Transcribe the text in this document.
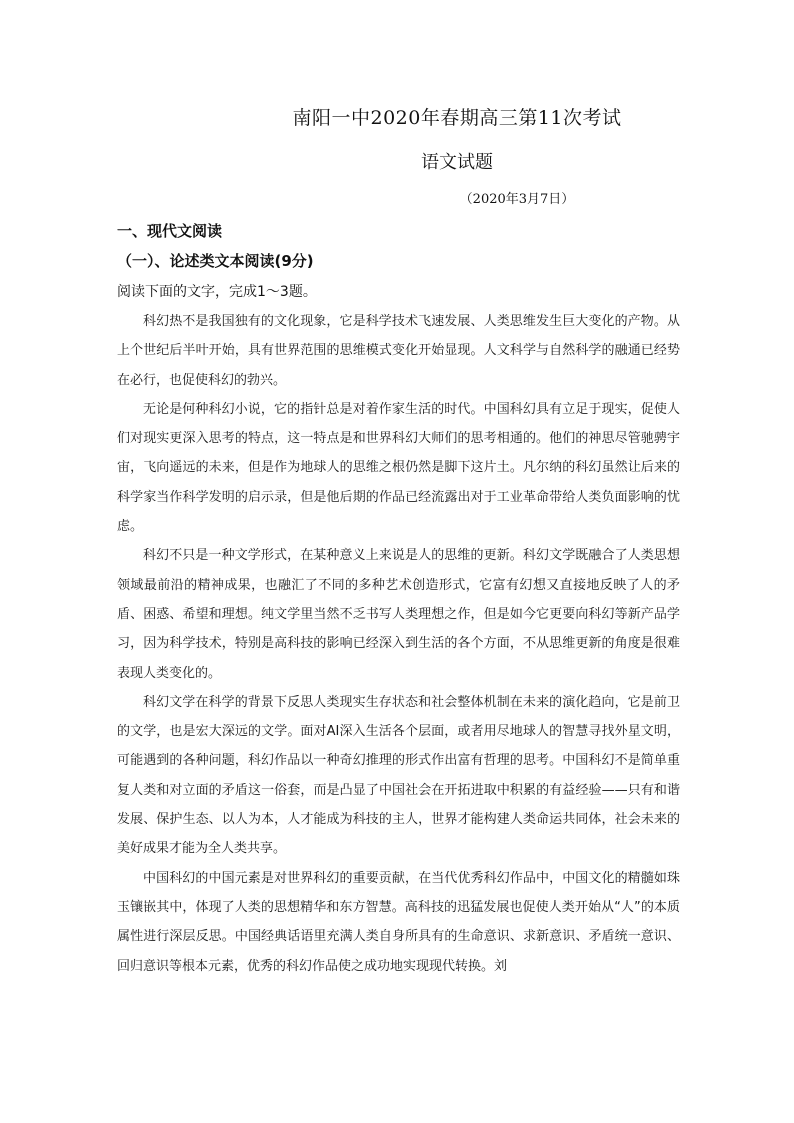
南阳一中2020年春期高三第11次考试
语文试题
（2020年3月7日）
一、现代文阅读
（一）、论述类文本阅读(9分)
阅读下面的文字，完成1～3题。

科幻热不是我国独有的文化现象，它是科学技术飞速发展、人类思维发生巨大变化的产物。从上个世纪后半叶开始，具有世界范围的思维模式变化开始显现。人文科学与自然科学的融通已经势在必行，也促使科幻的勃兴。

无论是何种科幻小说，它的指针总是对着作家生活的时代。中国科幻具有立足于现实，促使人们对现实更深入思考的特点，这一特点是和世界科幻大师们的思考相通的。他们的神思尽管驰骋宇宙，飞向遥远的未来，但是作为地球人的思维之根仍然是脚下这片土。凡尔纳的科幻虽然让后来的科学家当作科学发明的启示录，但是他后期的作品已经流露出对于工业革命带给人类负面影响的忧虑。

科幻不只是一种文学形式，在某种意义上来说是人的思维的更新。科幻文学既融合了人类思想领域最前沿的精神成果，也融汇了不同的多种艺术创造形式，它富有幻想又直接地反映了人的矛盾、困惑、希望和理想。纯文学里当然不乏书写人类理想之作，但是如今它更要向科幻等新产品学习，因为科学技术，特别是高科技的影响已经深入到生活的各个方面，不从思维更新的角度是很难表现人类变化的。

科幻文学在科学的背景下反思人类现实生存状态和社会整体机制在未来的演化趋向，它是前卫的文学，也是宏大深远的文学。面对AI深入生活各个层面，或者用尽地球人的智慧寻找外星文明，可能遇到的各种问题，科幻作品以一种奇幻推理的形式作出富有哲理的思考。中国科幻不是简单重复人类和对立面的矛盾这一俗套，而是凸显了中国社会在开拓进取中积累的有益经验——只有和谐发展、保护生态、以人为本，人才能成为科技的主人，世界才能构建人类命运共同体，社会未来的美好成果才能为全人类共享。

中国科幻的中国元素是对世界科幻的重要贡献，在当代优秀科幻作品中，中国文化的精髓如珠玉镶嵌其中，体现了人类的思想精华和东方智慧。高科技的迅猛发展也促使人类开始从“人”的本质属性进行深层反思。中国经典话语里充满人类自身所具有的生命意识、求新意识、矛盾统一意识、回归意识等根本元素，优秀的科幻作品使之成功地实现现代转换。刘
